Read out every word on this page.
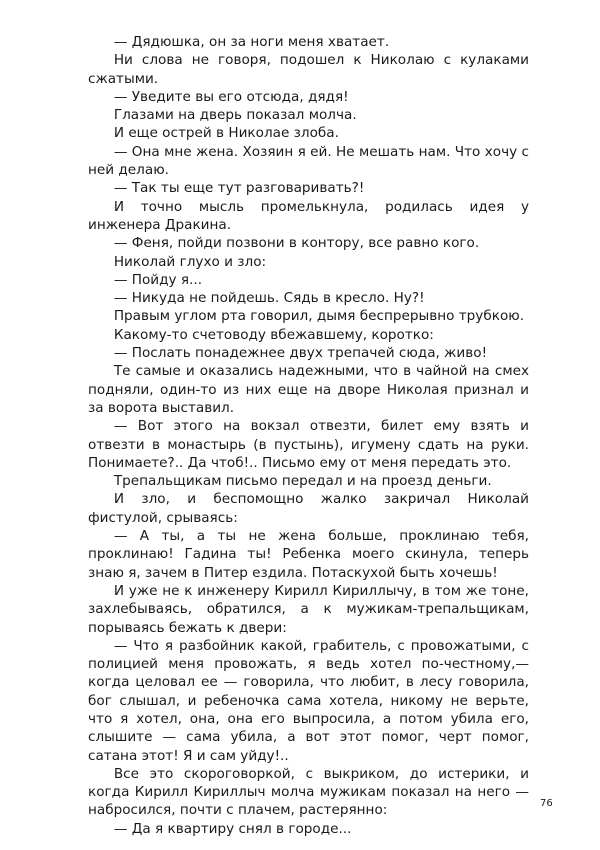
— Дядюшка, он за ноги меня хватает.

Ни слова не говоря, подошел к Николаю с кулаками сжатыми.

— Уведите вы его отсюда, дядя!

Глазами на дверь показал молча.

И еще острей в Николае злоба.

— Она мне жена. Хозяин я ей. Не мешать нам. Что хочу с ней делаю.

— Так ты еще тут разговаривать?!

И точно мысль промелькнула, родилась идея у инженера Дракина.

— Феня, пойди позвони в контору, все равно кого.

Николай глухо и зло:

— Пойду я...

— Никуда не пойдешь. Сядь в кресло. Ну?!

Правым углом рта говорил, дымя беспрерывно трубкою.

Какому-то счетоводу вбежавшему, коротко:

— Послать понадежнее двух трепачей сюда, живо!

Те самые и оказались надежными, что в чайной на смех подняли, один-то из них еще на дворе Николая признал и за ворота выставил.

— Вот этого на вокзал отвезти, билет ему взять и отвезти в монастырь (в пустынь), игумену сдать на руки. Понимаете?.. Да чтоб!.. Письмо ему от меня передать это.

Трепальщикам письмо передал и на проезд деньги.

И зло, и беспомощно жалко закричал Николай фистулой, срываясь:

— А ты, а ты не жена больше, проклинаю тебя, проклинаю! Гадина ты! Ребенка моего скинула, теперь знаю я, зачем в Питер ездила. Потаскухой быть хочешь!

И уже не к инженеру Кирилл Кириллычу, в том же тоне, захлебываясь, обратился, а к мужикам-трепальщикам, порываясь бежать к двери:

— Что я разбойник какой, грабитель, с провожатыми, с полицией меня провожать, я ведь хотел по-честному,— когда целовал ее — говорила, что любит, в лесу говорила, бог слышал, и ребеночка сама хотела, никому не верьте, что я хотел, она, она его выпросила, а потом убила его, слышите — сама убила, а вот этот помог, черт помог, сатана этот! Я и сам уйду!..

Все это скороговоркой, с выкриком, до истерики, и когда Кирилл Кириллыч молча мужикам показал на него — набросился, почти с плачем, растерянно:

— Да я квартиру снял в городе...

76
